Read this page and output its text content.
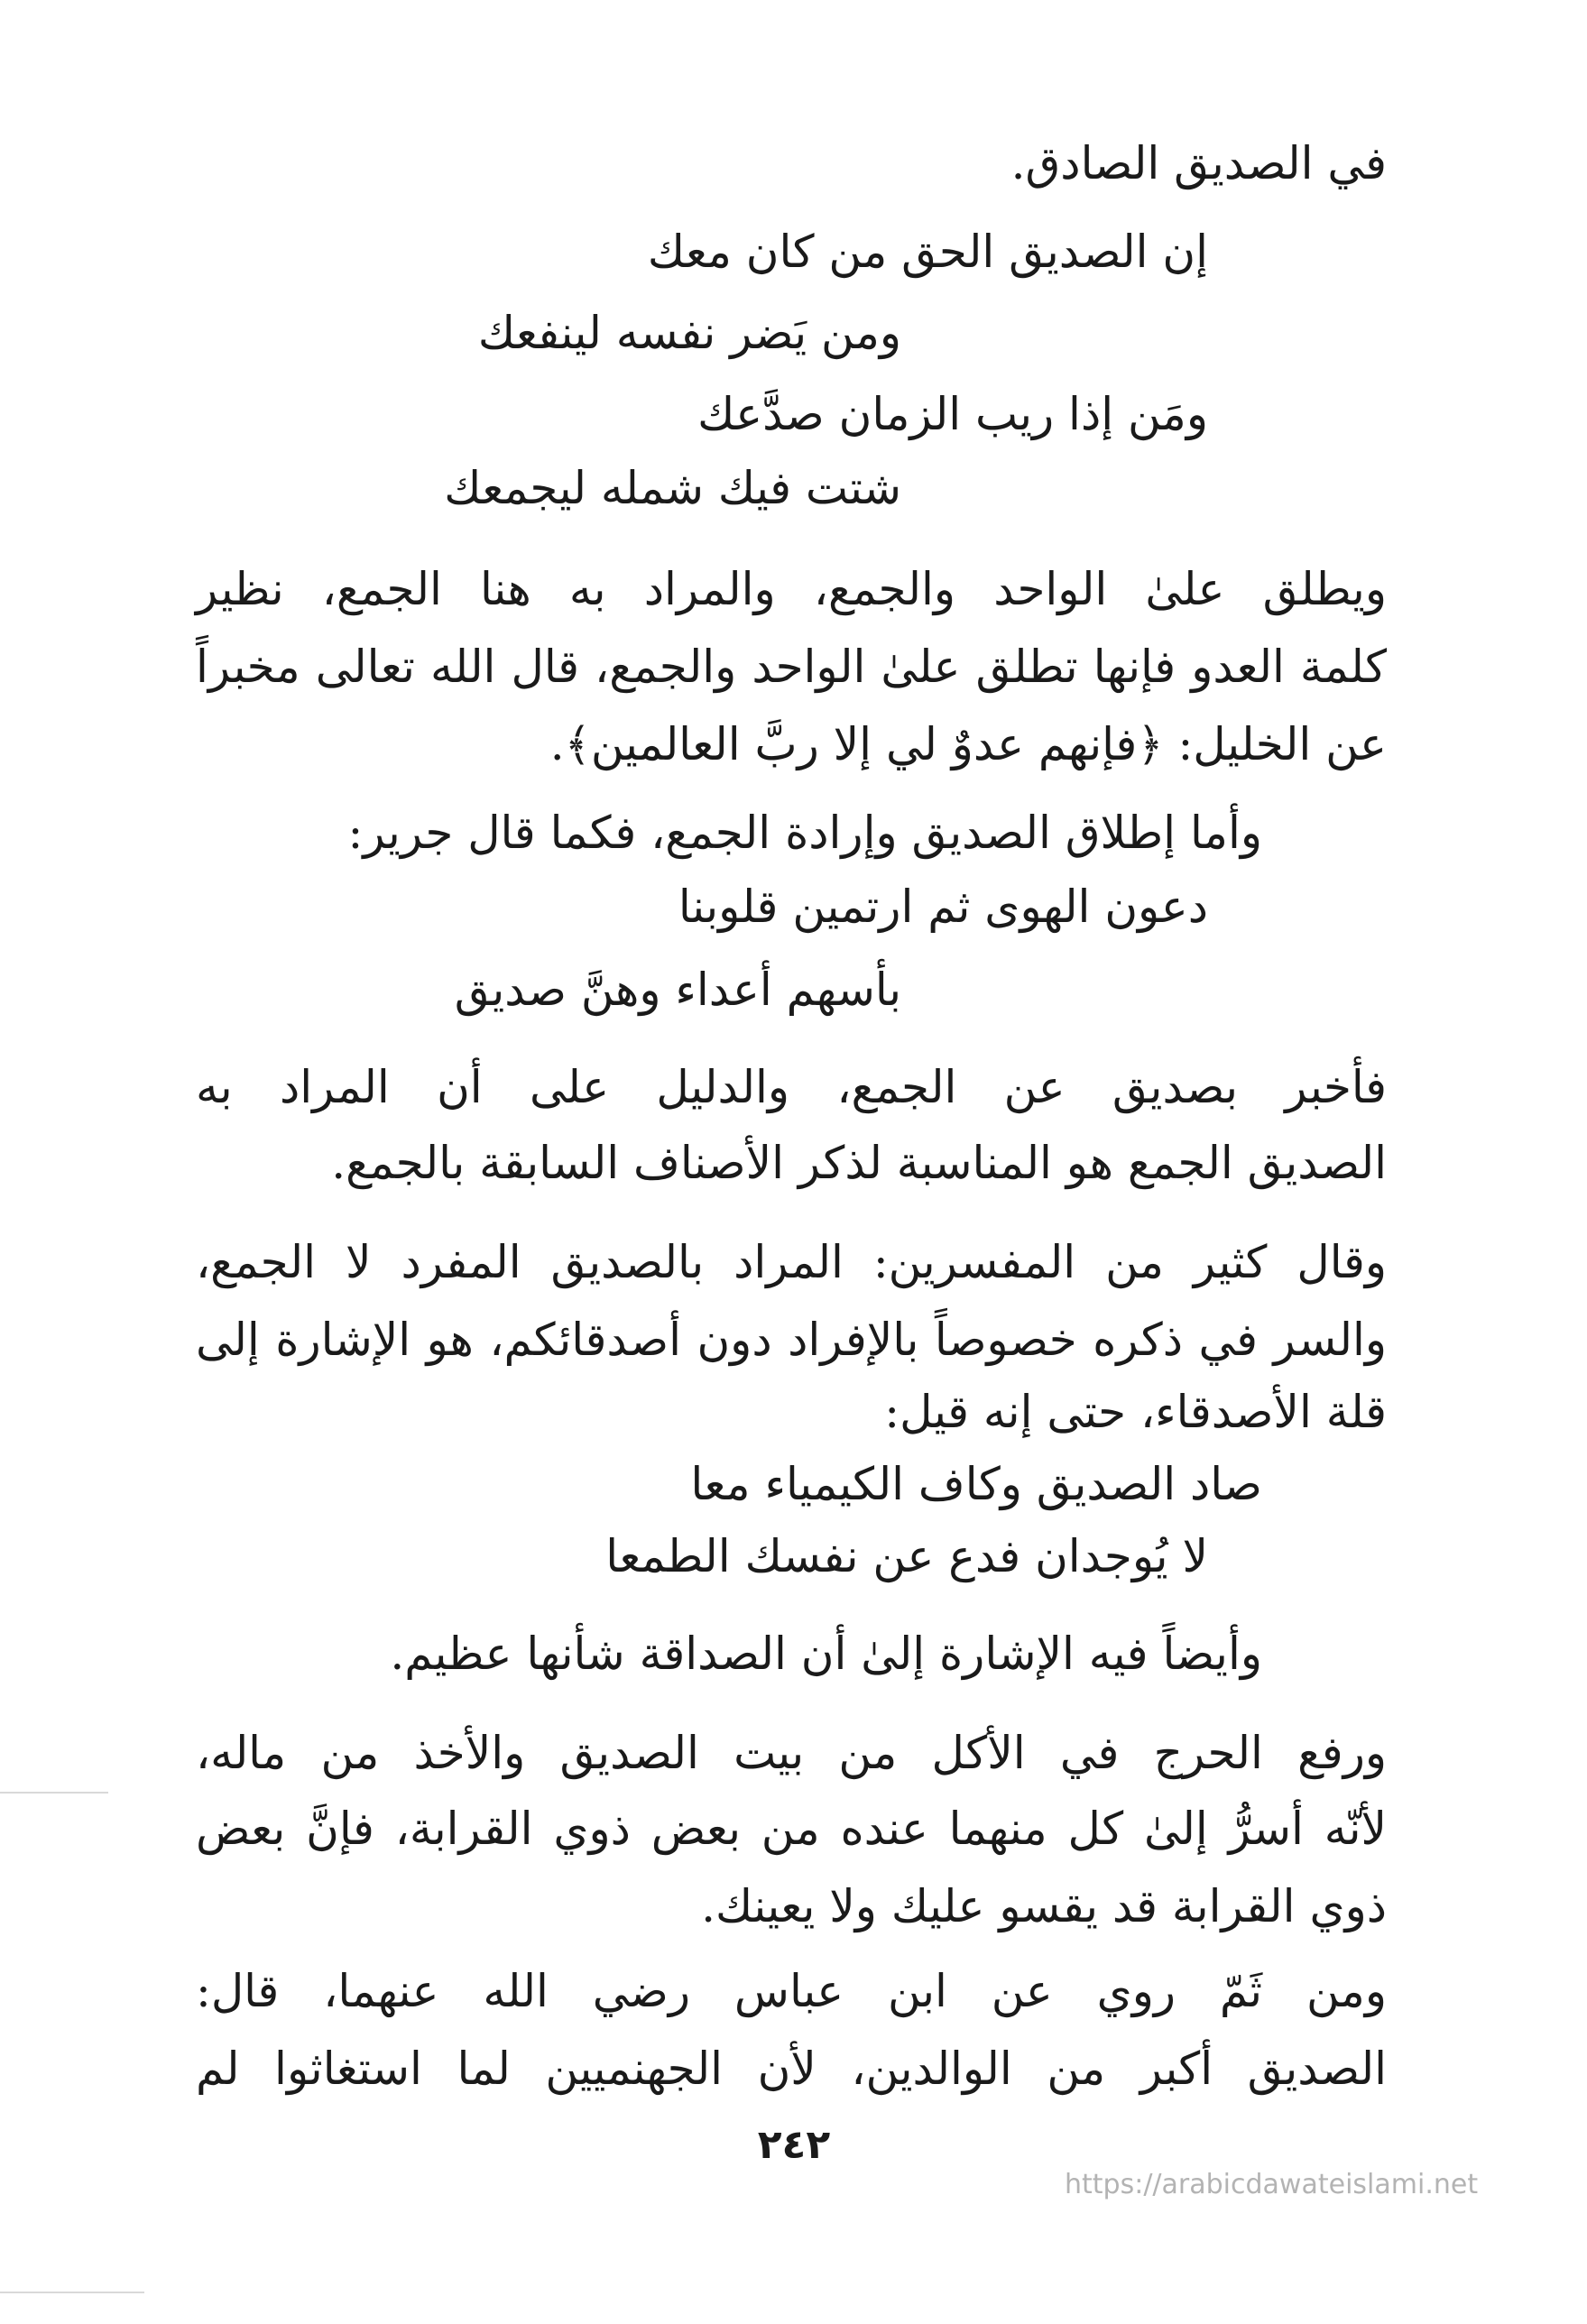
في الصديق الصادق.
إن الصديق الحق من كان معك
ومن يَضر نفسه لينفعك
ومَن إذا ريب الزمان صدَّعك
شتت فيك شمله ليجمعك
ويطلق علىٰ الواحد والجمع، والمراد به هنا الجمع، نظير
كلمة العدو فإنها تطلق علىٰ الواحد والجمع، قال الله تعالى مخبراً
عن الخليل: ﴿فإنهم عدوٌ لي إلا ربَّ العالمين﴾.
وأما إطلاق الصديق وإرادة الجمع، فكما قال جرير:
دعون الهوى ثم ارتمين قلوبنا
بأسهم أعداء وهنَّ صديق
فأخبر بصديق عن الجمع، والدليل على أن المراد به
الصديق الجمع هو المناسبة لذكر الأصناف السابقة بالجمع.
وقال كثير من المفسرين: المراد بالصديق المفرد لا الجمع،
والسر في ذكره خصوصاً بالإفراد دون أصدقائكم، هو الإشارة إلى
قلة الأصدقاء، حتى إنه قيل:
صاد الصديق وكاف الكيمياء معا
لا يُوجدان فدع عن نفسك الطمعا
وأيضاً فيه الإشارة إلىٰ أن الصداقة شأنها عظيم.
ورفع الحرج في الأكل من بيت الصديق والأخذ من ماله،
لأنّه أسرُّ إلىٰ كل منهما عنده من بعض ذوي القرابة، فإنَّ بعض
ذوي القرابة قد يقسو عليك ولا يعينك.
ومن ثَمّ روي عن ابن عباس رضي الله عنهما، قال:
الصديق أكبر من الوالدين، لأن الجهنميين لما استغاثوا لم
٢٤٢
https://arabicdawateislami.net
